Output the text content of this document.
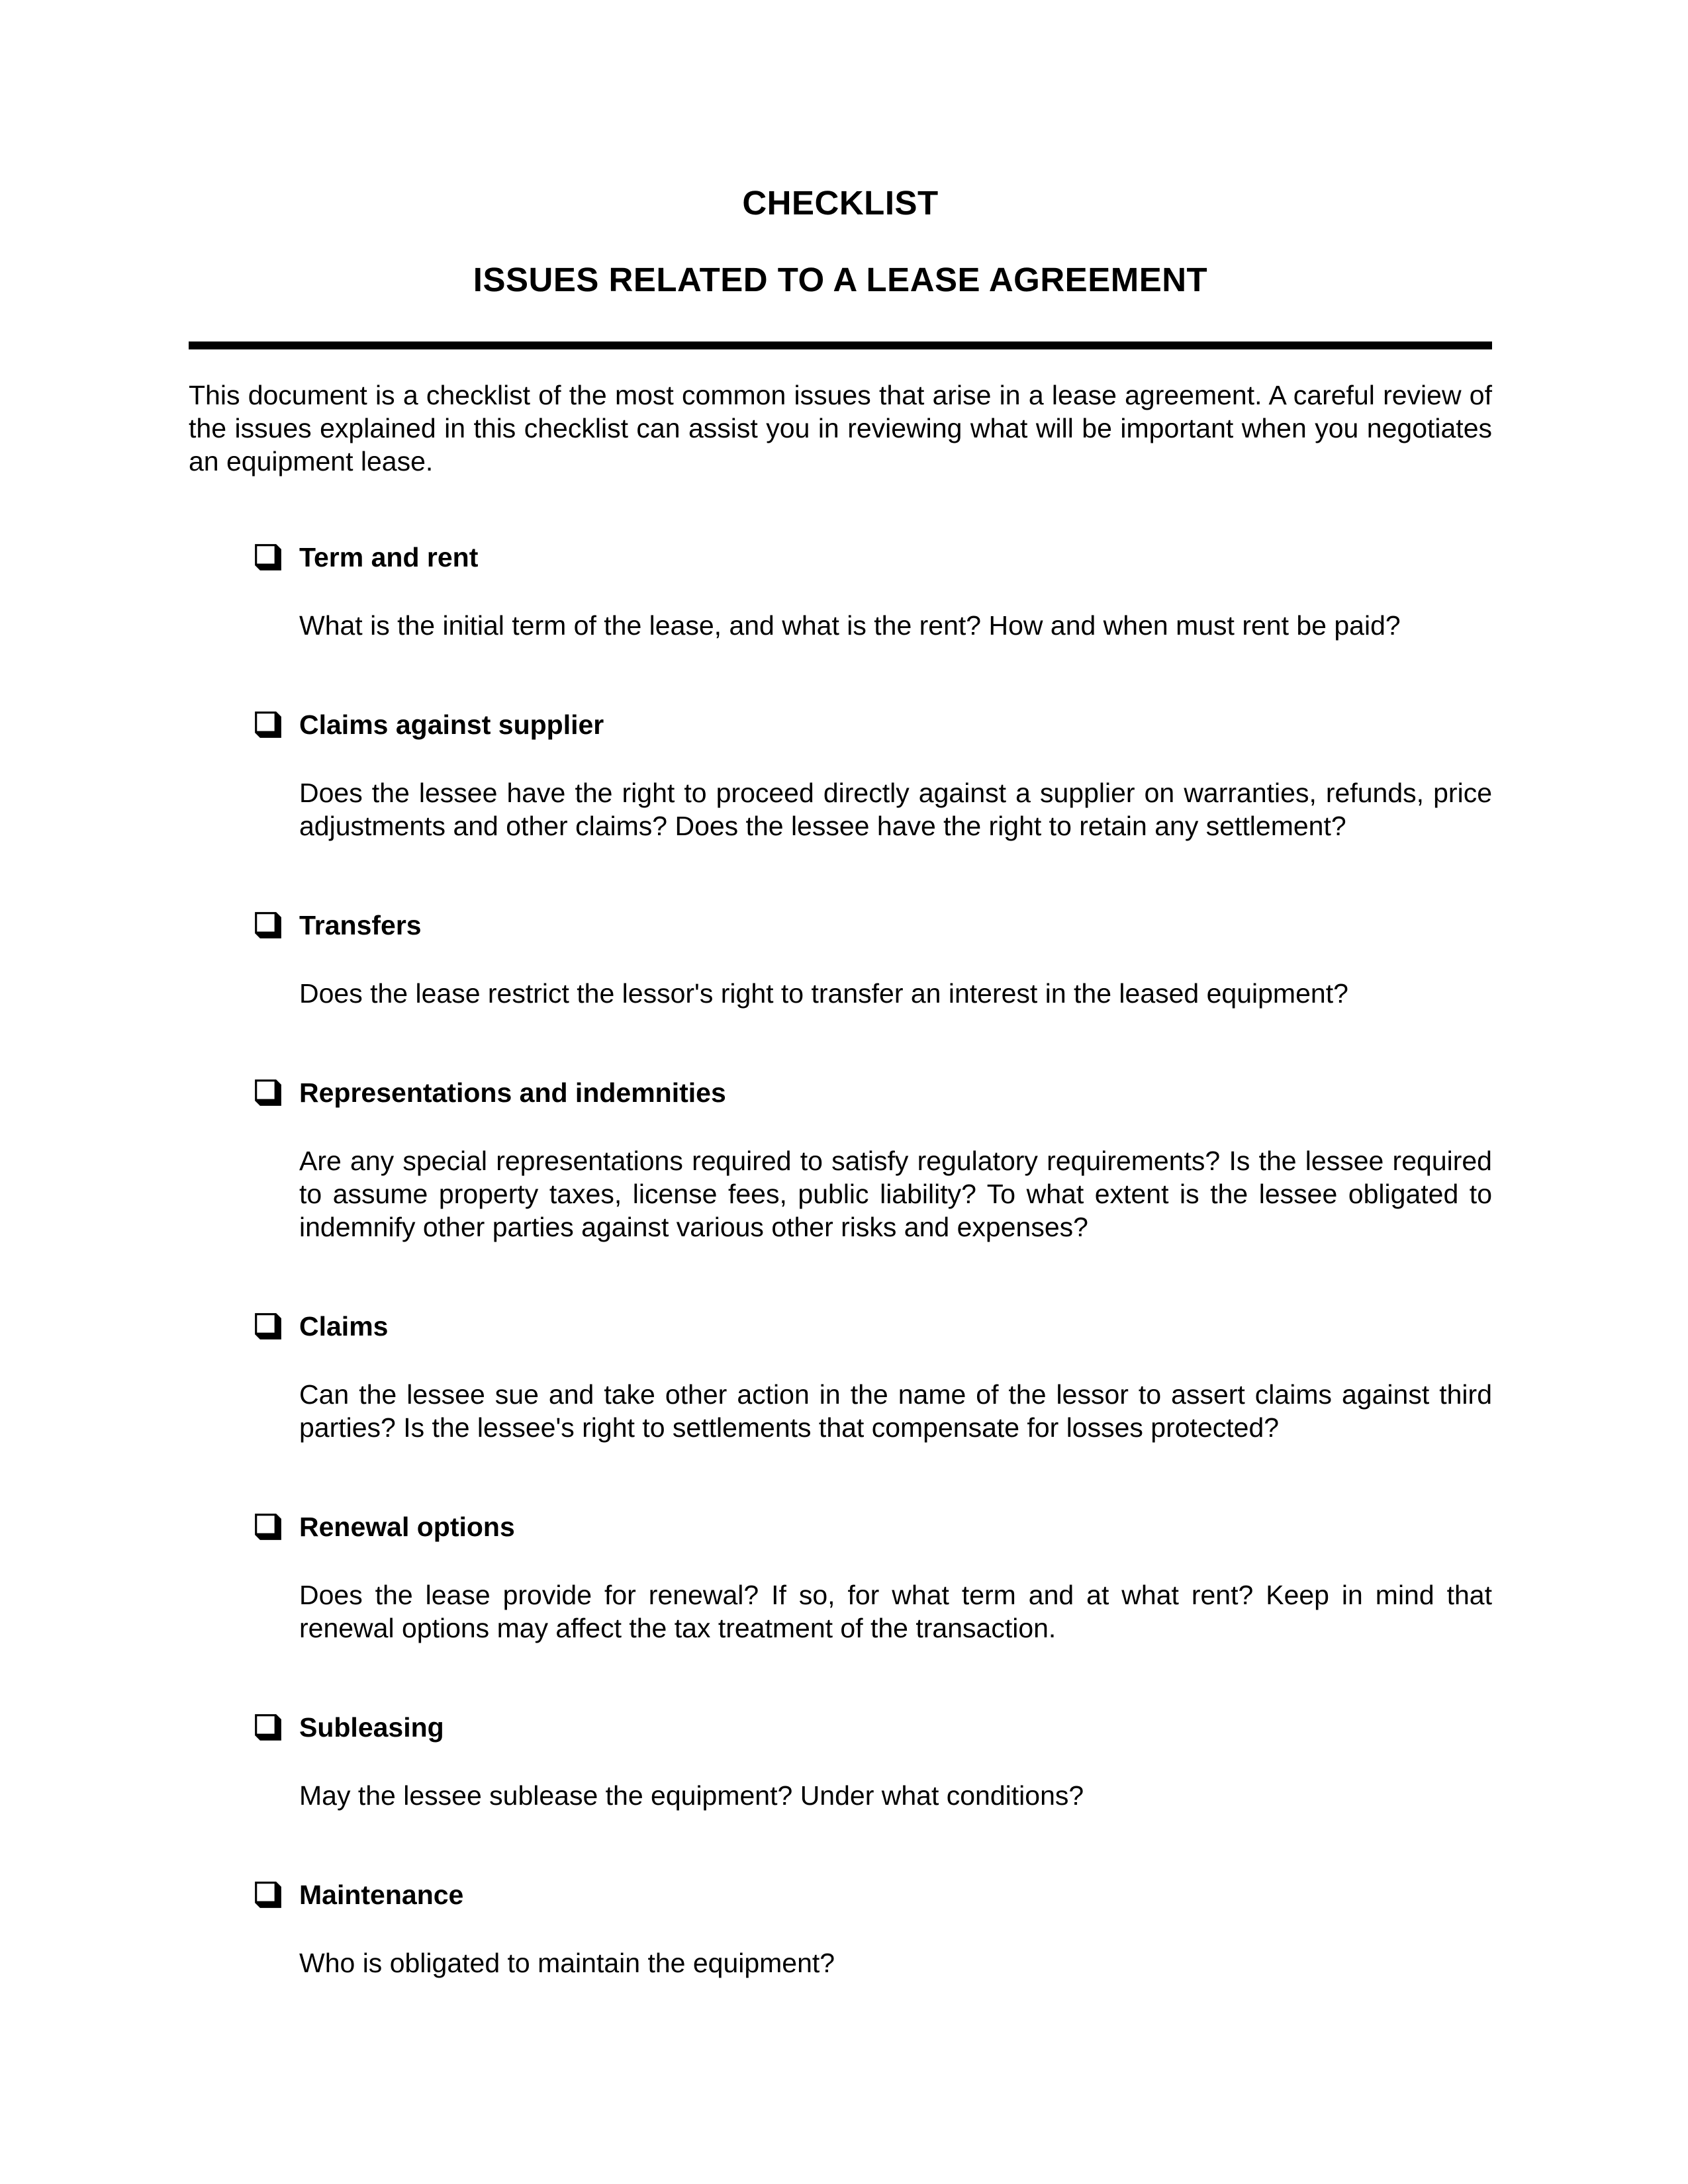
CHECKLIST
ISSUES RELATED TO A LEASE AGREEMENT

This document is a checklist of the most common issues that arise in a lease agreement. A careful review of the issues explained in this checklist can assist you in reviewing what will be important when you negotiates an equipment lease.

Term and rent

What is the initial term of the lease, and what is the rent? How and when must rent be paid?

Claims against supplier

Does the lessee have the right to proceed directly against a supplier on warranties, refunds, price adjustments and other claims? Does the lessee have the right to retain any settlement?

Transfers

Does the lease restrict the lessor's right to transfer an interest in the leased equipment?

Representations and indemnities

Are any special representations required to satisfy regulatory requirements? Is the lessee required to assume property taxes, license fees, public liability? To what extent is the lessee obligated to indemnify other parties against various other risks and expenses?

Claims

Can the lessee sue and take other action in the name of the lessor to assert claims against third parties? Is the lessee's right to settlements that compensate for losses protected?

Renewal options

Does the lease provide for renewal? If so, for what term and at what rent? Keep in mind that renewal options may affect the tax treatment of the transaction.

Subleasing

May the lessee sublease the equipment? Under what conditions?

Maintenance

Who is obligated to maintain the equipment?
